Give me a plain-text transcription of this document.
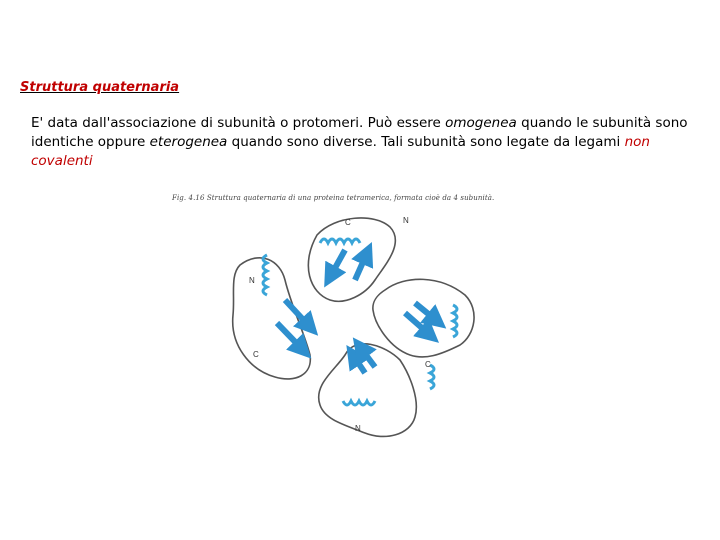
Struttura quaternaria
E' data dall'associazione di subunità o protomeri. Può essere omogenea quando le subunità sono identiche oppure eterogenea quando sono diverse. Tali subunità sono legate da legami non covalenti
Fig. 4.16 Struttura quaternaria di una proteina tetramerica, formata cioè da 4 subunità.
C	N
N
C
C
N
